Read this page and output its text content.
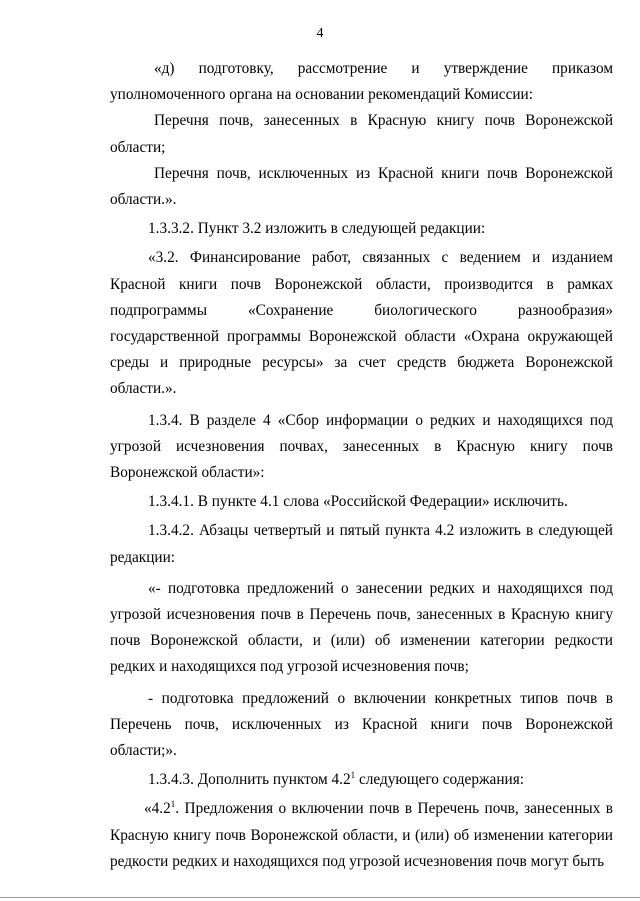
4

«д) подготовку, рассмотрение и утверждение приказом уполномоченного органа на основании рекомендаций Комиссии:

Перечня почв, занесенных в Красную книгу почв Воронежской области;

Перечня почв, исключенных из Красной книги почв Воронежской области.».

1.3.3.2. Пункт 3.2 изложить в следующей редакции:

«3.2. Финансирование работ, связанных с ведением и изданием Красной книги почв Воронежской области, производится в рамках подпрограммы «Сохранение биологического разнообразия» государственной программы Воронежской области «Охрана окружающей среды и природные ресурсы» за счет средств бюджета Воронежской области.».

1.3.4. В разделе 4 «Сбор информации о редких и находящихся под угрозой исчезновения почвах, занесенных в Красную книгу почв Воронежской области»:

1.3.4.1. В пункте 4.1 слова «Российской Федерации» исключить.

1.3.4.2. Абзацы четвертый и пятый пункта 4.2 изложить в следующей редакции:

«- подготовка предложений о занесении редких и находящихся под угрозой исчезновения почв в Перечень почв, занесенных в Красную книгу почв Воронежской области, и (или) об изменении категории редкости редких и находящихся под угрозой исчезновения почв;

- подготовка предложений о включении конкретных типов почв в Перечень почв, исключенных из Красной книги почв Воронежской области;».

1.3.4.3. Дополнить пунктом $4.2^1$ следующего содержания:

«$4.2^1$. Предложения о включении почв в Перечень почв, занесенных в Красную книгу почв Воронежской области, и (или) об изменении категории редкости редких и находящихся под угрозой исчезновения почв могут быть
